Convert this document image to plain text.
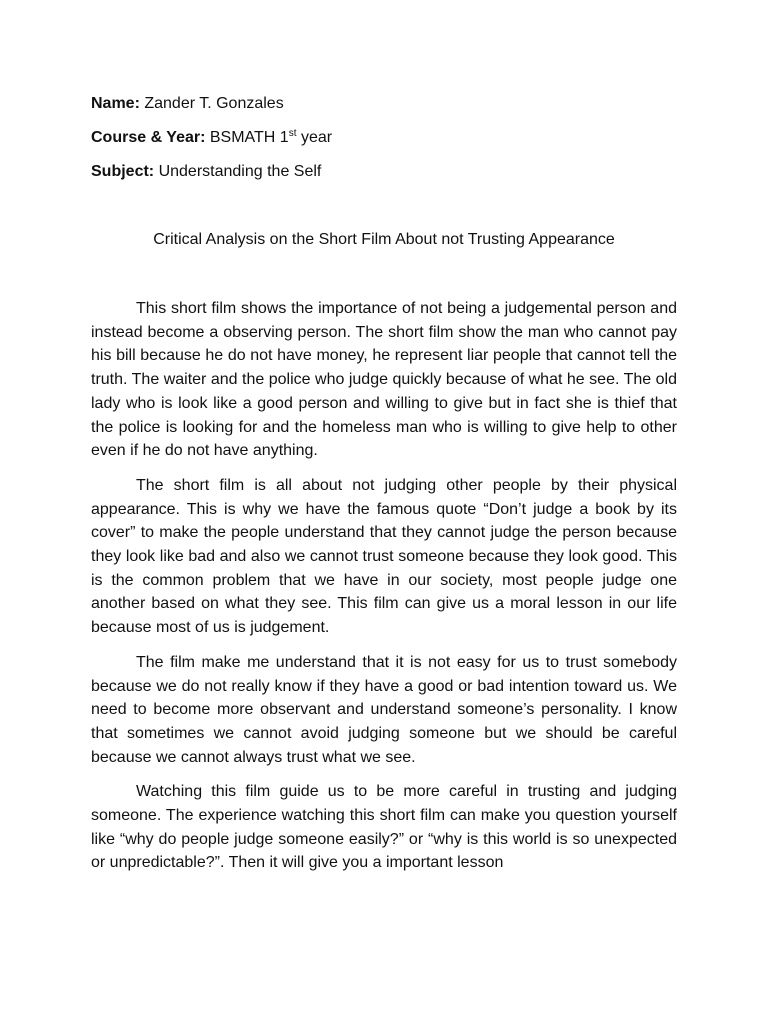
Name: Zander T. Gonzales
Course & Year: BSMATH 1st year
Subject: Understanding the Self
Critical Analysis on the Short Film About not Trusting Appearance

This short film shows the importance of not being a judgemental person and instead become a observing person. The short film show the man who cannot pay his bill because he do not have money, he represent liar people that cannot tell the truth. The waiter and the police who judge quickly because of what he see. The old lady who is look like a good person and willing to give but in fact she is thief that the police is looking for and the homeless man who is willing to give help to other even if he do not have anything.

The short film is all about not judging other people by their physical appearance. This is why we have the famous quote “Don’t judge a book by its cover” to make the people understand that they cannot judge the person because they look like bad and also we cannot trust someone because they look good. This is the common problem that we have in our society, most people judge one another based on what they see. This film can give us a moral lesson in our life because most of us is judgement.

The film make me understand that it is not easy for us to trust somebody because we do not really know if they have a good or bad intention toward us. We need to become more observant and understand someone’s personality. I know that sometimes we cannot avoid judging someone but we should be careful because we cannot always trust what we see.

Watching this film guide us to be more careful in trusting and judging someone. The experience watching this short film can make you question yourself like “why do people judge someone easily?” or “why is this world is so unexpected or unpredictable?”. Then it will give you a important lesson
